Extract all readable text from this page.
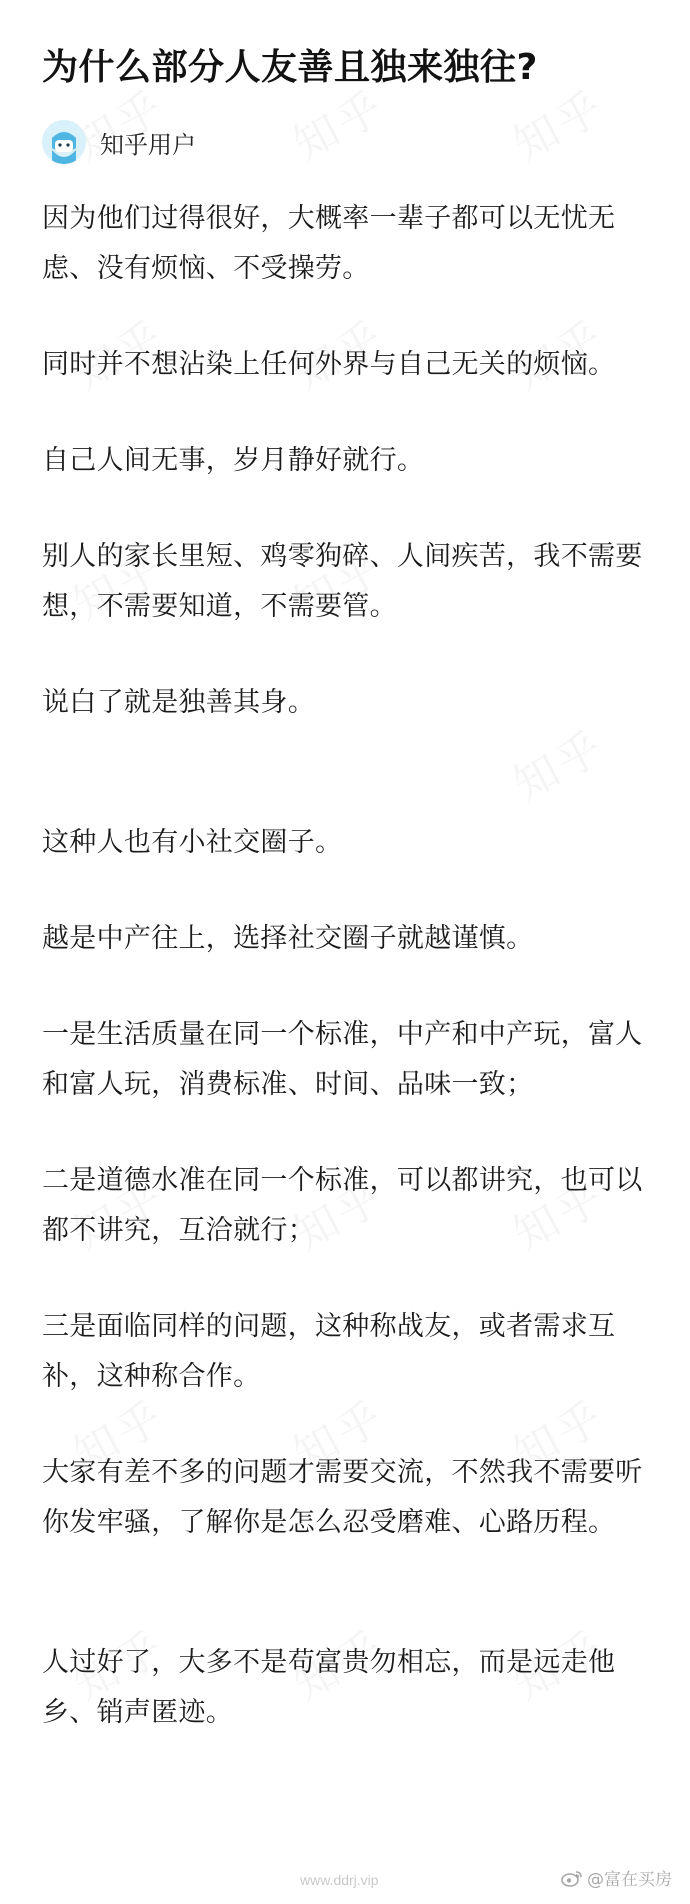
为什么部分人友善且独来独往?
知乎用户

因为他们过得很好，大概率一辈子都可以无忧无虑、没有烦恼、不受操劳。

同时并不想沾染上任何外界与自己无关的烦恼。

自己人间无事，岁月静好就行。

别人的家长里短、鸡零狗碎、人间疾苦，我不需要想，不需要知道，不需要管。

说白了就是独善其身。

这种人也有小社交圈子。

越是中产往上，选择社交圈子就越谨慎。

一是生活质量在同一个标准，中产和中产玩，富人和富人玩，消费标准、时间、品味一致；

二是道德水准在同一个标准，可以都讲究，也可以都不讲究，互洽就行；

三是面临同样的问题，这种称战友，或者需求互补，这种称合作。

大家有差不多的问题才需要交流，不然我不需要听你发牢骚，了解你是怎么忍受磨难、心路历程。

人过好了，大多不是苟富贵勿相忘，而是远走他乡、销声匿迹。

www.ddrj.vip	@富在买房
